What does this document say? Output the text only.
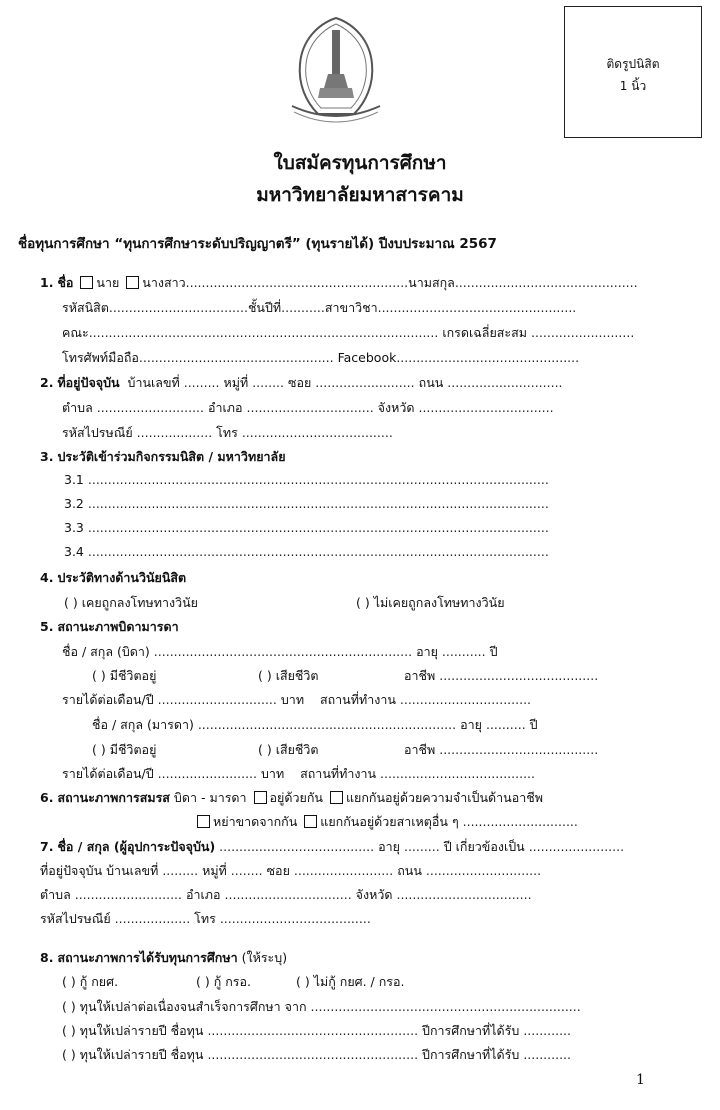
ติดรูปนิสิต
1 นิ้ว
ใบสมัครทุนการศึกษา
มหาวิทยาลัยมหาสารคาม
ชื่อทุนการศึกษา “ทุนการศึกษาระดับปริญญาตรี” (ทุนรายได้) ปีงบประมาณ 2567
1. ชื่อ นาย นางสาว........................................................นามสกุล..............................................
รหัสนิสิต...................................ชั้นปีที่...........สาขาวิชา..................................................
คณะ........................................................................................ เกรดเฉลี่ยสะสม ..........................
โทรศัพท์มือถือ................................................. Facebook..............................................
2. ที่อยู่ปัจจุบัน บ้านเลขที่ ......... หมู่ที่ ........ ซอย ......................... ถนน .............................
ตำบล ........................... อำเภอ ................................ จังหวัด ..................................
รหัสไปรษณีย์ ................... โทร ......................................
3. ประวัติเข้าร่วมกิจกรรมนิสิต / มหาวิทยาลัย
3.1 ....................................................................................................................
3.2 ....................................................................................................................
3.3 ....................................................................................................................
3.4 ....................................................................................................................
4. ประวัติทางด้านวินัยนิสิต
( ) เคยถูกลงโทษทางวินัย	( ) ไม่เคยถูกลงโทษทางวินัย
5. สถานะภาพบิดามารดา
ชื่อ / สกุล (บิดา) ................................................................. อายุ ........... ปี
( ) มีชีวิตอยู่	( ) เสียชีวิต	อาชีพ ........................................
รายได้ต่อเดือน/ปี .............................. บาท สถานที่ทำงาน .................................
ชื่อ / สกุล (มารดา) ................................................................. อายุ .......... ปี
( ) มีชีวิตอยู่	( ) เสียชีวิต	อาชีพ ........................................
รายได้ต่อเดือน/ปี ......................... บาท สถานที่ทำงาน .......................................
6. สถานะภาพการสมรส บิดา - มารดา อยู่ด้วยกัน แยกกันอยู่ด้วยความจำเป็นด้านอาชีพ
หย่าขาดจากกัน แยกกันอยู่ด้วยสาเหตุอื่น ๆ .............................
7. ชื่อ / สกุล (ผู้อุปการะปัจจุบัน) ....................................... อายุ ......... ปี เกี่ยวข้องเป็น ........................
ที่อยู่ปัจจุบัน บ้านเลขที่ ......... หมู่ที่ ........ ซอย ......................... ถนน .............................
ตำบล ........................... อำเภอ ................................ จังหวัด ..................................
รหัสไปรษณีย์ ................... โทร ......................................
8. สถานะภาพการได้รับทุนการศึกษา (ให้ระบุ)
( ) กู้ กยศ.	( ) กู้ กรอ.	( ) ไม่กู้ กยศ. / กรอ.
( ) ทุนให้เปล่าต่อเนื่องจนสำเร็จการศึกษา จาก ....................................................................
( ) ทุนให้เปล่ารายปี ชื่อทุน ..................................................... ปีการศึกษาที่ได้รับ ............
( ) ทุนให้เปล่ารายปี ชื่อทุน ..................................................... ปีการศึกษาที่ได้รับ ............
1
